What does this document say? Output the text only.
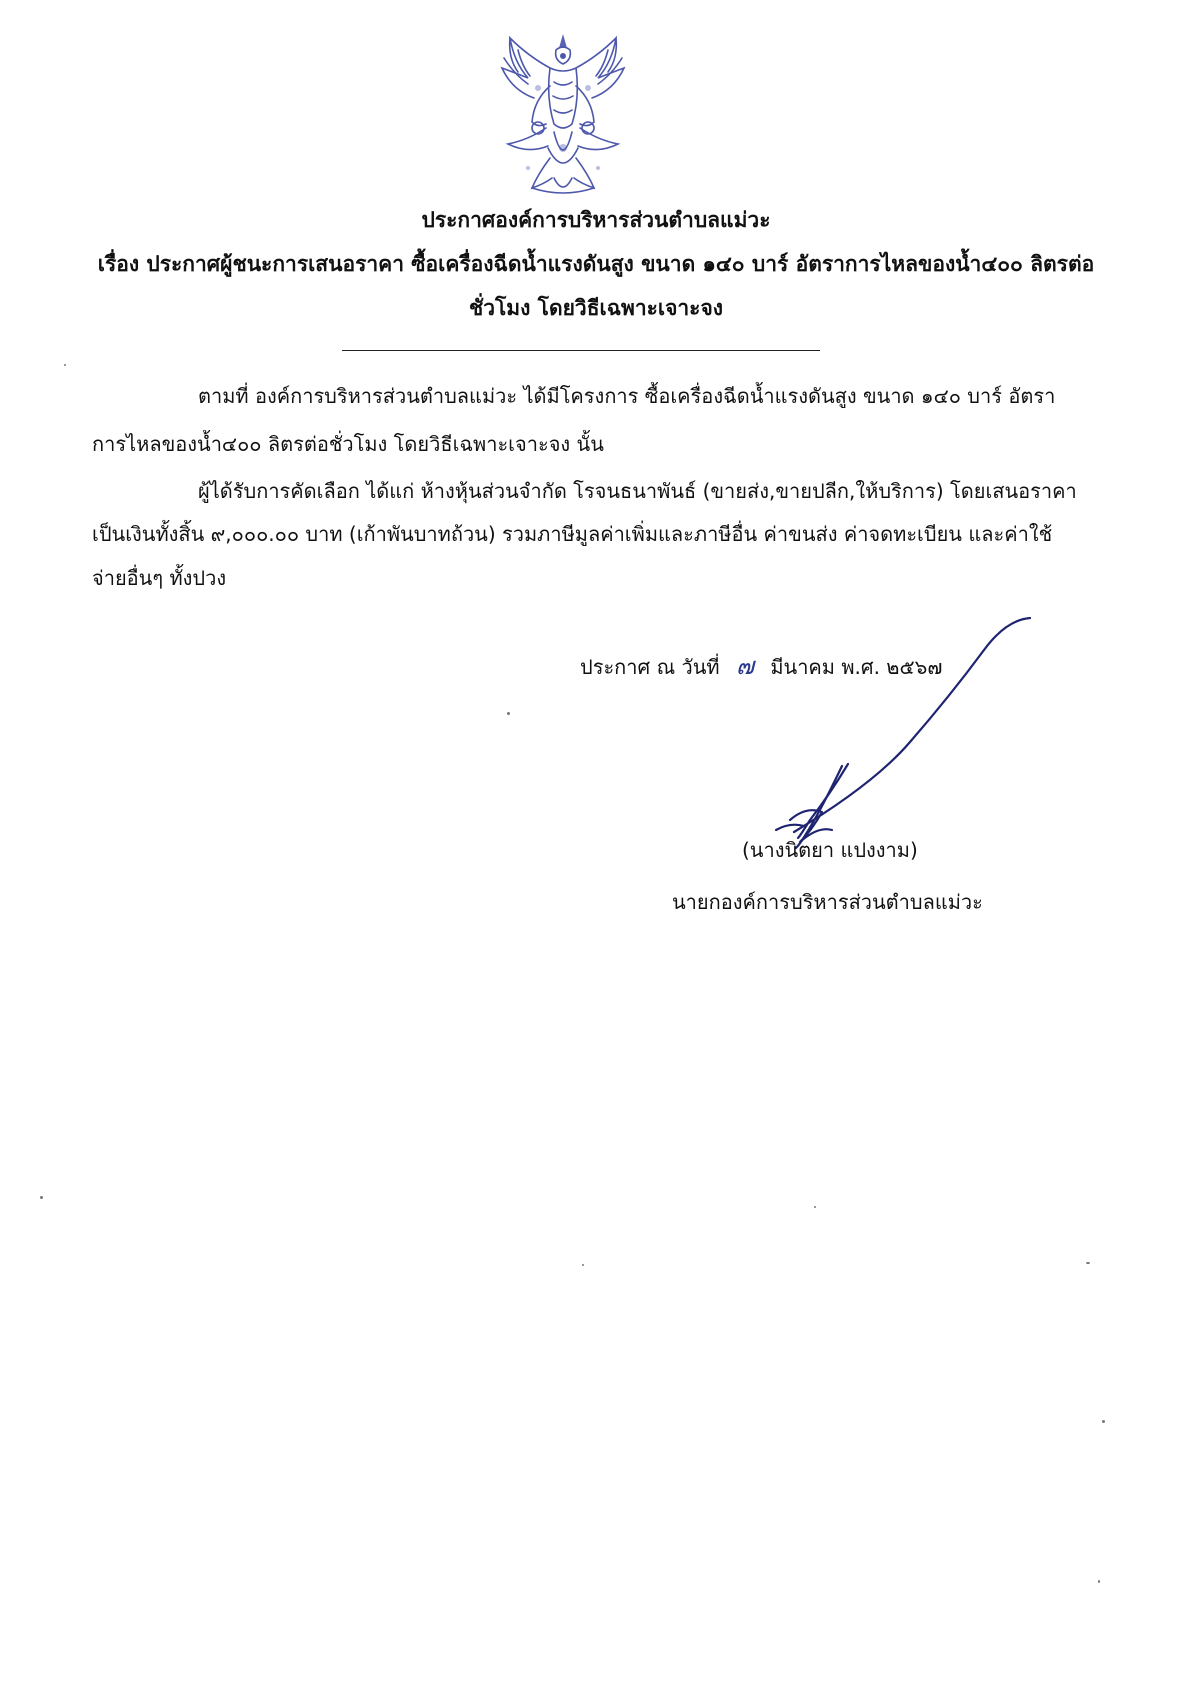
ประกาศองค์การบริหารส่วนตำบลแม่วะ

เรื่อง ประกาศผู้ชนะการเสนอราคา ซื้อเครื่องฉีดน้ำแรงดันสูง ขนาด ๑๔๐ บาร์ อัตราการไหลของน้ำ๔๐๐ ลิตรต่อ

ชั่วโมง โดยวิธีเฉพาะเจาะจง

ตามที่ องค์การบริหารส่วนตำบลแม่วะ ได้มีโครงการ ซื้อเครื่องฉีดน้ำแรงดันสูง ขนาด ๑๔๐ บาร์ อัตรา

การไหลของน้ำ๔๐๐ ลิตรต่อชั่วโมง โดยวิธีเฉพาะเจาะจง นั้น

ผู้ได้รับการคัดเลือก ได้แก่ ห้างหุ้นส่วนจำกัด โรจนธนาพันธ์ (ขายส่ง,ขายปลีก,ให้บริการ) โดยเสนอราคา

เป็นเงินทั้งสิ้น ๙,๐๐๐.๐๐ บาท (เก้าพันบาทถ้วน) รวมภาษีมูลค่าเพิ่มและภาษีอื่น ค่าขนส่ง ค่าจดทะเบียน และค่าใช้

จ่ายอื่นๆ ทั้งปวง

ประกาศ ณ วันที่ ๗ มีนาคม พ.ศ. ๒๕๖๗
(นางนิตยา แปงงาม)
นายกองค์การบริหารส่วนตำบลแม่วะ
